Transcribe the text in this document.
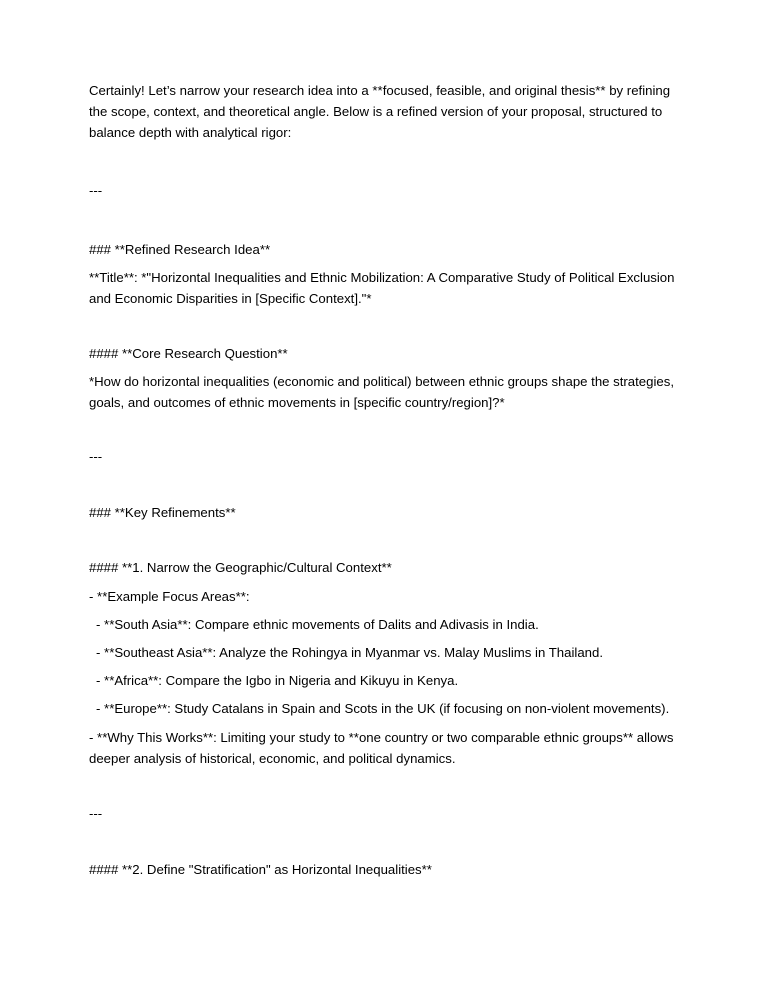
Certainly! Let’s narrow your research idea into a **focused, feasible, and original thesis** by refining

the scope, context, and theoretical angle. Below is a refined version of your proposal, structured to

balance depth with analytical rigor:

---

### **Refined Research Idea**

**Title**: *"Horizontal Inequalities and Ethnic Mobilization: A Comparative Study of Political Exclusion

and Economic Disparities in [Specific Context]."*

#### **Core Research Question**

*How do horizontal inequalities (economic and political) between ethnic groups shape the strategies,

goals, and outcomes of ethnic movements in [specific country/region]?*

---

### **Key Refinements**

#### **1. Narrow the Geographic/Cultural Context**

- **Example Focus Areas**:

- **South Asia**: Compare ethnic movements of Dalits and Adivasis in India.

- **Southeast Asia**: Analyze the Rohingya in Myanmar vs. Malay Muslims in Thailand.

- **Africa**: Compare the Igbo in Nigeria and Kikuyu in Kenya.

- **Europe**: Study Catalans in Spain and Scots in the UK (if focusing on non-violent movements).

- **Why This Works**: Limiting your study to **one country or two comparable ethnic groups** allows

deeper analysis of historical, economic, and political dynamics.

---

#### **2. Define "Stratification" as Horizontal Inequalities**
